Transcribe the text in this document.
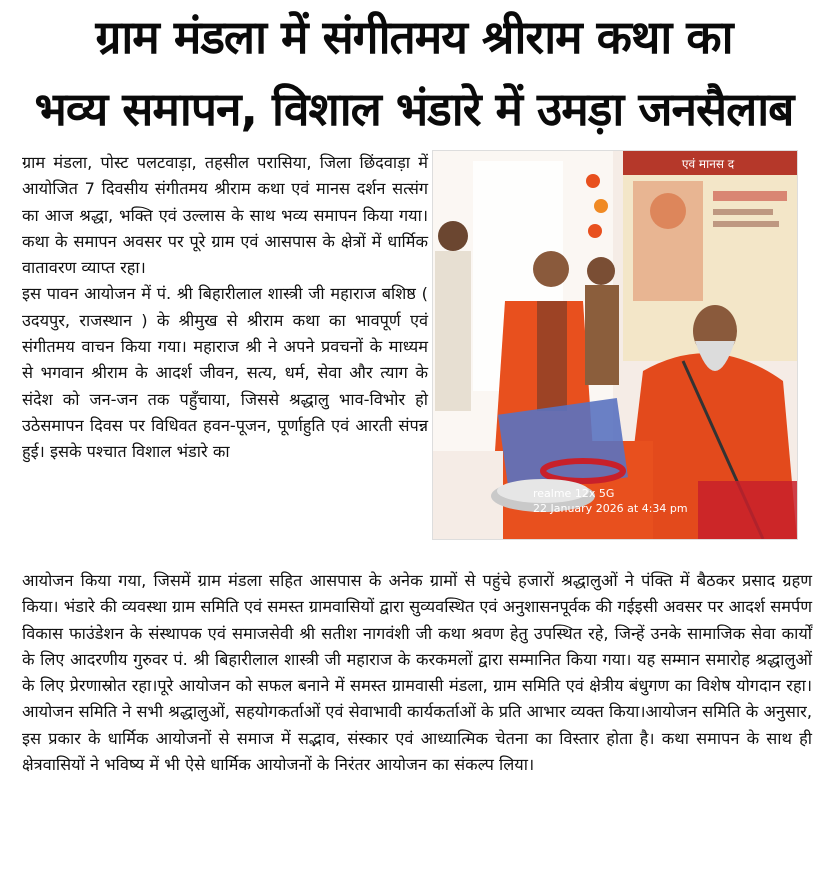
ग्राम मंडला में संगीतमय श्रीराम कथा का
भव्य समापन, विशाल भंडारे में उमड़ा जनसैलाब

ग्राम मंडला, पोस्ट पलटवाड़ा, तहसील परासिया, जिला छिंदवाड़ा में आयोजित 7 दिवसीय संगीतमय श्रीराम कथा एवं मानस दर्शन सत्संग का आज श्रद्धा, भक्ति एवं उल्लास के साथ भव्य समापन किया गया। कथा के समापन अवसर पर पूरे ग्राम एवं आसपास के क्षेत्रों में धार्मिक वातावरण व्याप्त रहा।

इस पावन आयोजन में पं. श्री बिहारीलाल शास्त्री जी महाराज बशिष्ठ ( उदयपुर, राजस्थान ) के श्रीमुख से श्रीराम कथा का भावपूर्ण एवं संगीतमय वाचन किया गया। महाराज श्री ने अपने प्रवचनों के माध्यम से भगवान श्रीराम के आदर्श जीवन, सत्य, धर्म, सेवा और त्याग के संदेश को जन-जन तक पहुँचाया, जिससे श्रद्धालु भाव-विभोर हो उठेसमापन दिवस पर विधिवत हवन-पूजन, पूर्णाहुति एवं आरती संपन्न हुई। इसके पश्चात विशाल भंडारे का

एवं मानस द
realme 12x 5G
22 January 2026 at 4:34 pm

आयोजन किया गया, जिसमें ग्राम मंडला सहित आसपास के अनेक ग्रामों से पहुंचे हजारों श्रद्धालुओं ने पंक्ति में बैठकर प्रसाद ग्रहण किया। भंडारे की व्यवस्था ग्राम समिति एवं समस्त ग्रामवासियों द्वारा सुव्यवस्थित एवं अनुशासनपूर्वक की गईइसी अवसर पर आदर्श समर्पण विकास फाउंडेशन के संस्थापक एवं समाजसेवी श्री सतीश नागवंशी जी कथा श्रवण हेतु उपस्थित रहे, जिन्हें उनके सामाजिक सेवा कार्यों के लिए आदरणीय गुरुवर पं. श्री बिहारीलाल शास्त्री जी महाराज के करकमलों द्वारा सम्मानित किया गया। यह सम्मान समारोह श्रद्धालुओं के लिए प्रेरणास्रोत रहा।पूरे आयोजन को सफल बनाने में समस्त ग्रामवासी मंडला, ग्राम समिति एवं क्षेत्रीय बंधुगण का विशेष योगदान रहा। आयोजन समिति ने सभी श्रद्धालुओं, सहयोगकर्ताओं एवं सेवाभावी कार्यकर्ताओं के प्रति आभार व्यक्त किया।आयोजन समिति के अनुसार, इस प्रकार के धार्मिक आयोजनों से समाज में सद्भाव, संस्कार एवं आध्यात्मिक चेतना का विस्तार होता है। कथा समापन के साथ ही क्षेत्रवासियों ने भविष्य में भी ऐसे धार्मिक आयोजनों के निरंतर आयोजन का संकल्प लिया।
